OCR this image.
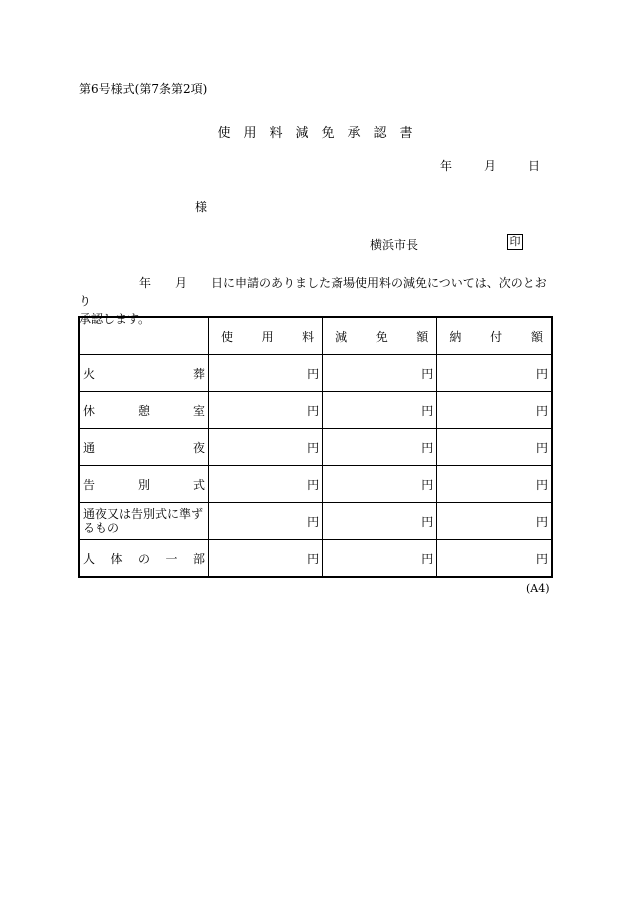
第6号様式(第7条第2項)
使　用　料　減　免　承　認　書
年	月	日
様
横浜市長	印
　　　　　年　　月　　日に申請のありました斎場使用料の減免については、次のとおり
承認します。

	使 用 料	減 免 額	納 付 額

火 葬	円	円	円

休 憩 室	円	円	円

通 夜	円	円	円

告 別 式	円	円	円

通夜又は告別式に準ずるもの	円	円	円

人 体 の 一 部	円	円	円
(A4)
